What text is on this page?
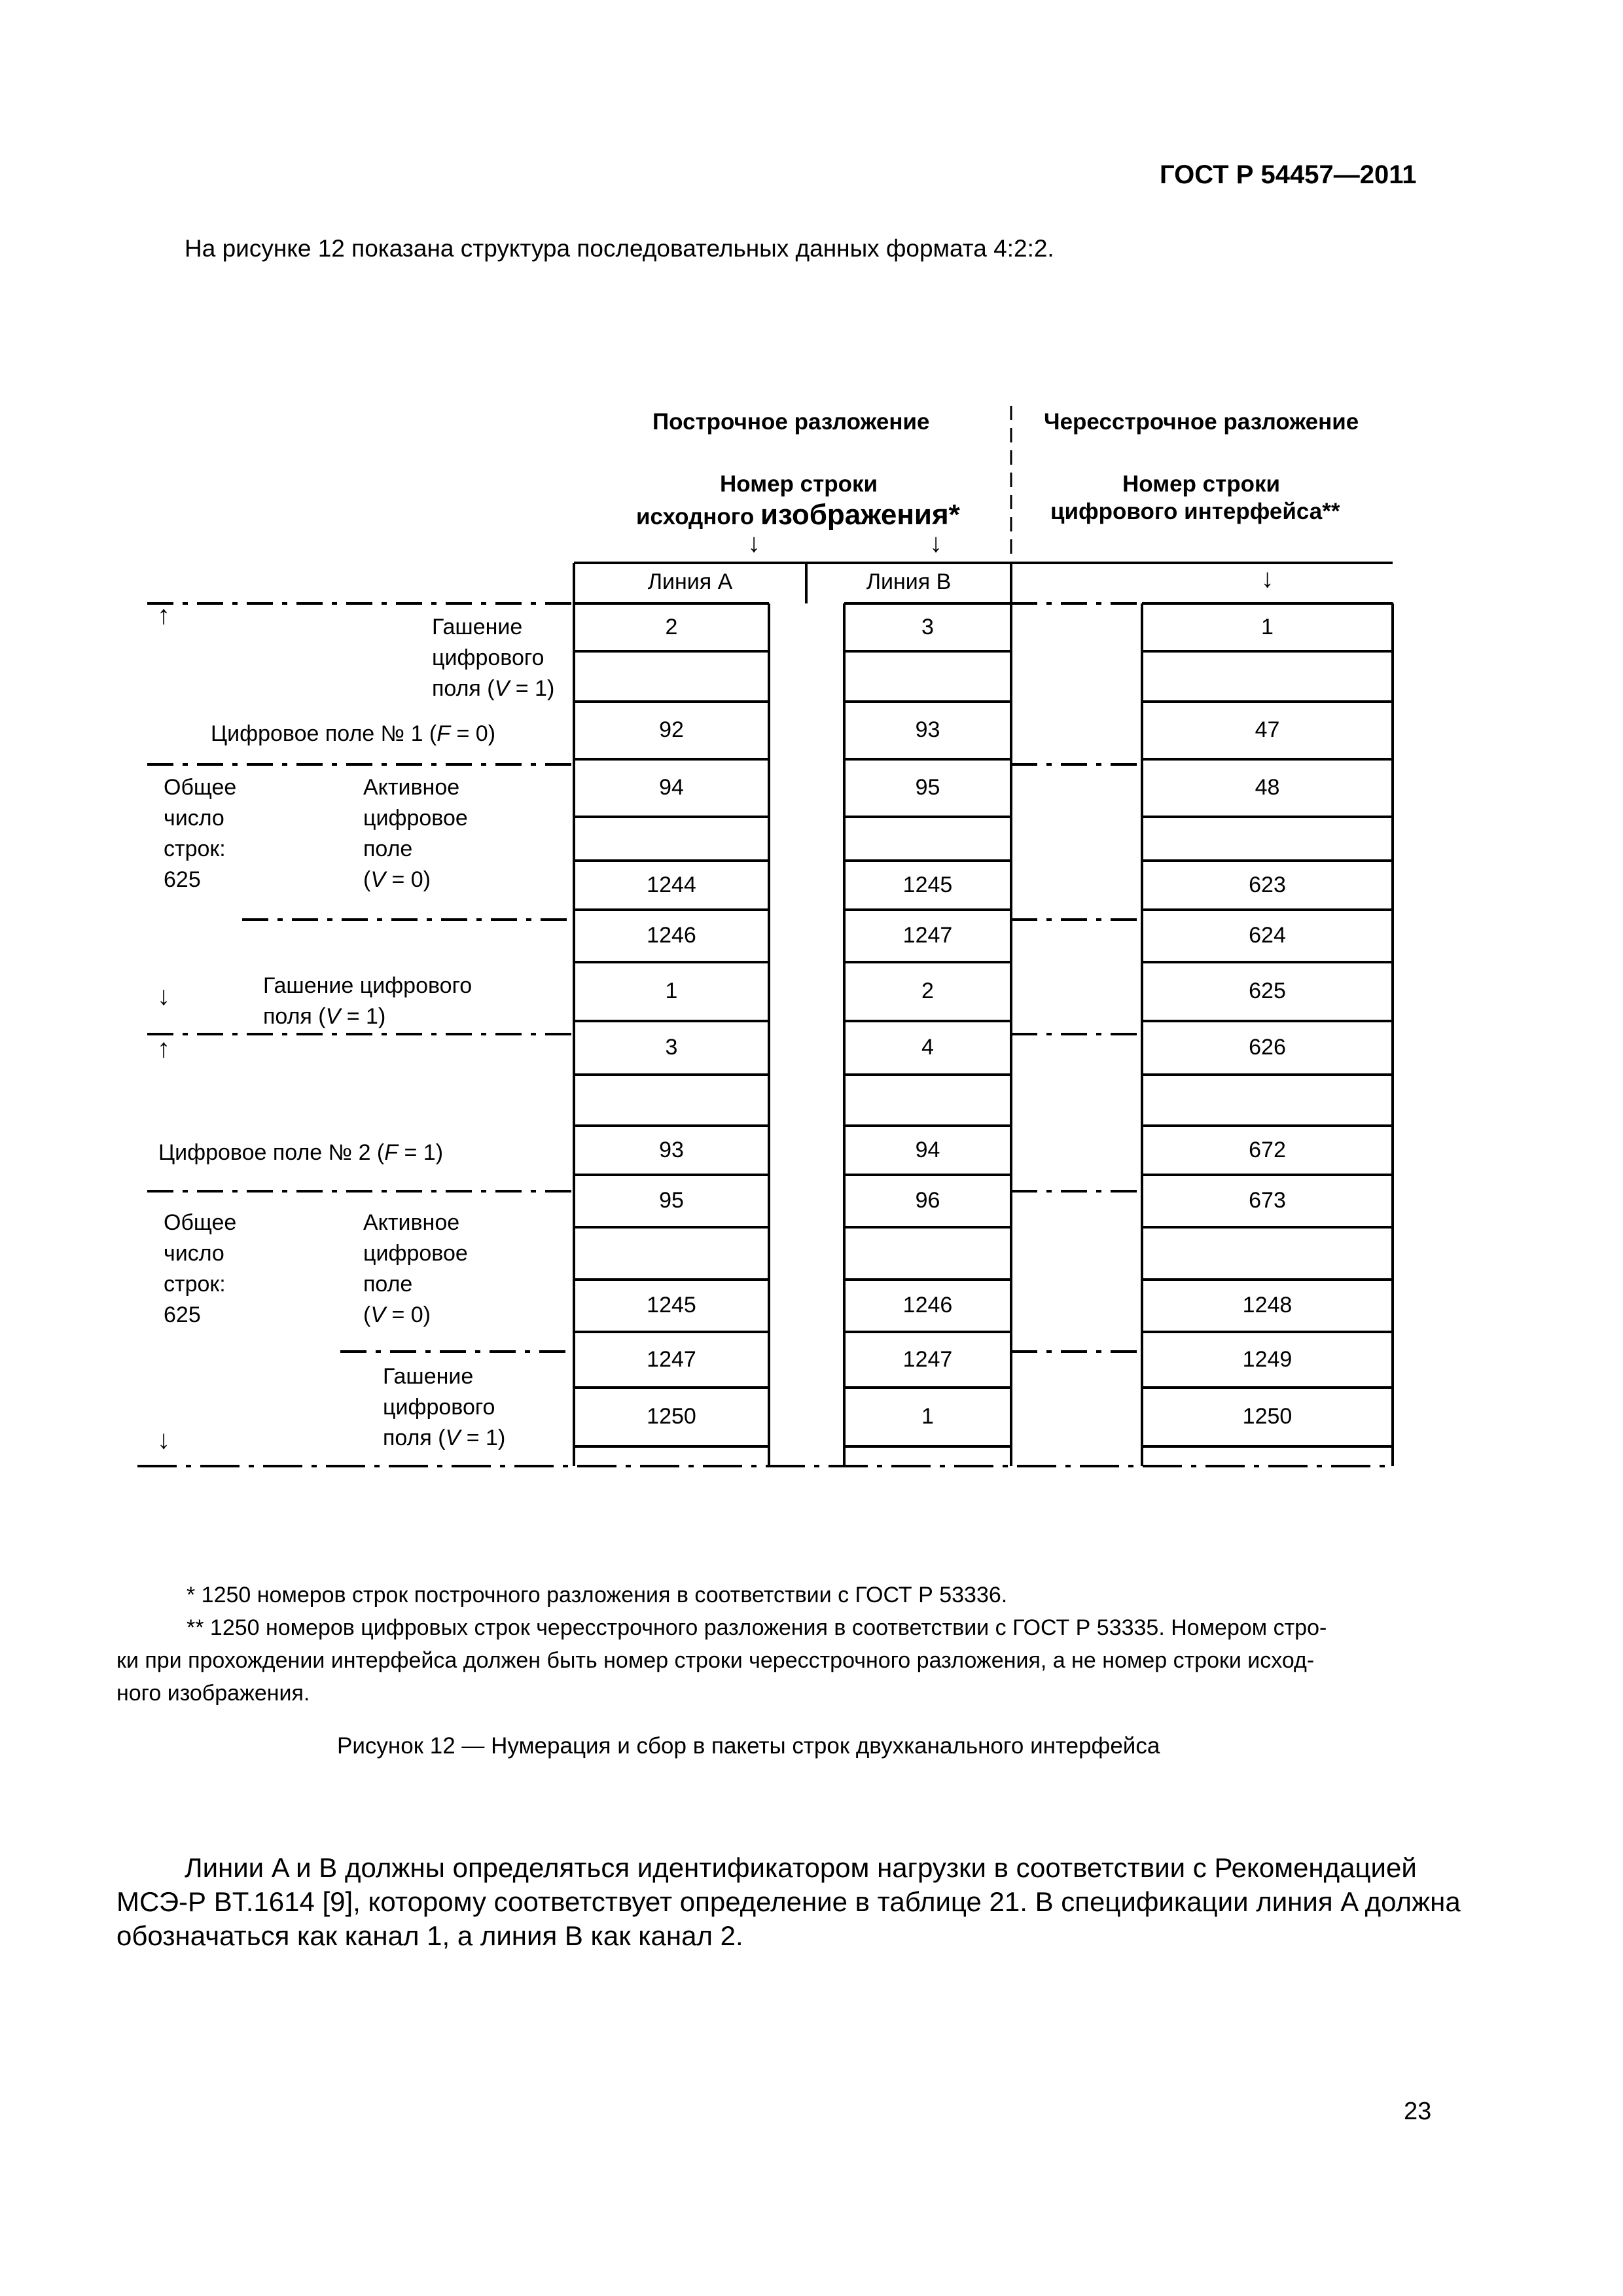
ГОСТ Р 54457—2011
На рисунке 12 показана структура последовательных данных формата 4:2:2.
Построчное разложение	Чересстрочное разложение
Номер строки
исходного изображения*
Номер строки
цифрового интерфейса**
↓	↓
Линия A	Линия B	↓
2	3	1
92	93	47
94	95	48
1244	1245	623
1246	1247	624
1	2	625
3	4	626
93	94	672
95	96	673
1245	1246	1248
1247	1247	1249
1250	1	1250
↑	Гашение
цифрового
поля (V = 1)
Цифровое поле № 1 (F = 0)
Общее
число
строк:
625
Активное
цифровое
поле
(V = 0)
↓	Гашение цифрового
поля (V = 1)
↑
Цифровое поле № 2 (F = 1)
Общее
число
строк:
625
Активное
цифровое
поле
(V = 0)
Гашение
цифрового
поля (V = 1)
↓
* 1250 номеров строк построчного разложения в соответствии с ГОСТ Р 53336.
** 1250 номеров цифровых строк чересстрочного разложения в соответствии с ГОСТ Р 53335. Номером стро-
ки при прохождении интерфейса должен быть номер строки чересстрочного разложения, а не номер строки исход-
ного изображения.
Рисунок 12 — Нумерация и сбор в пакеты строк двухканального интерфейса
Линии A и B должны определяться идентификатором нагрузки в соответствии с Рекомендацией
МСЭ-Р BT.1614 [9], которому соответствует определение в таблице 21. В спецификации линия A должна
обозначаться как канал 1, а линия B как канал 2.
23
